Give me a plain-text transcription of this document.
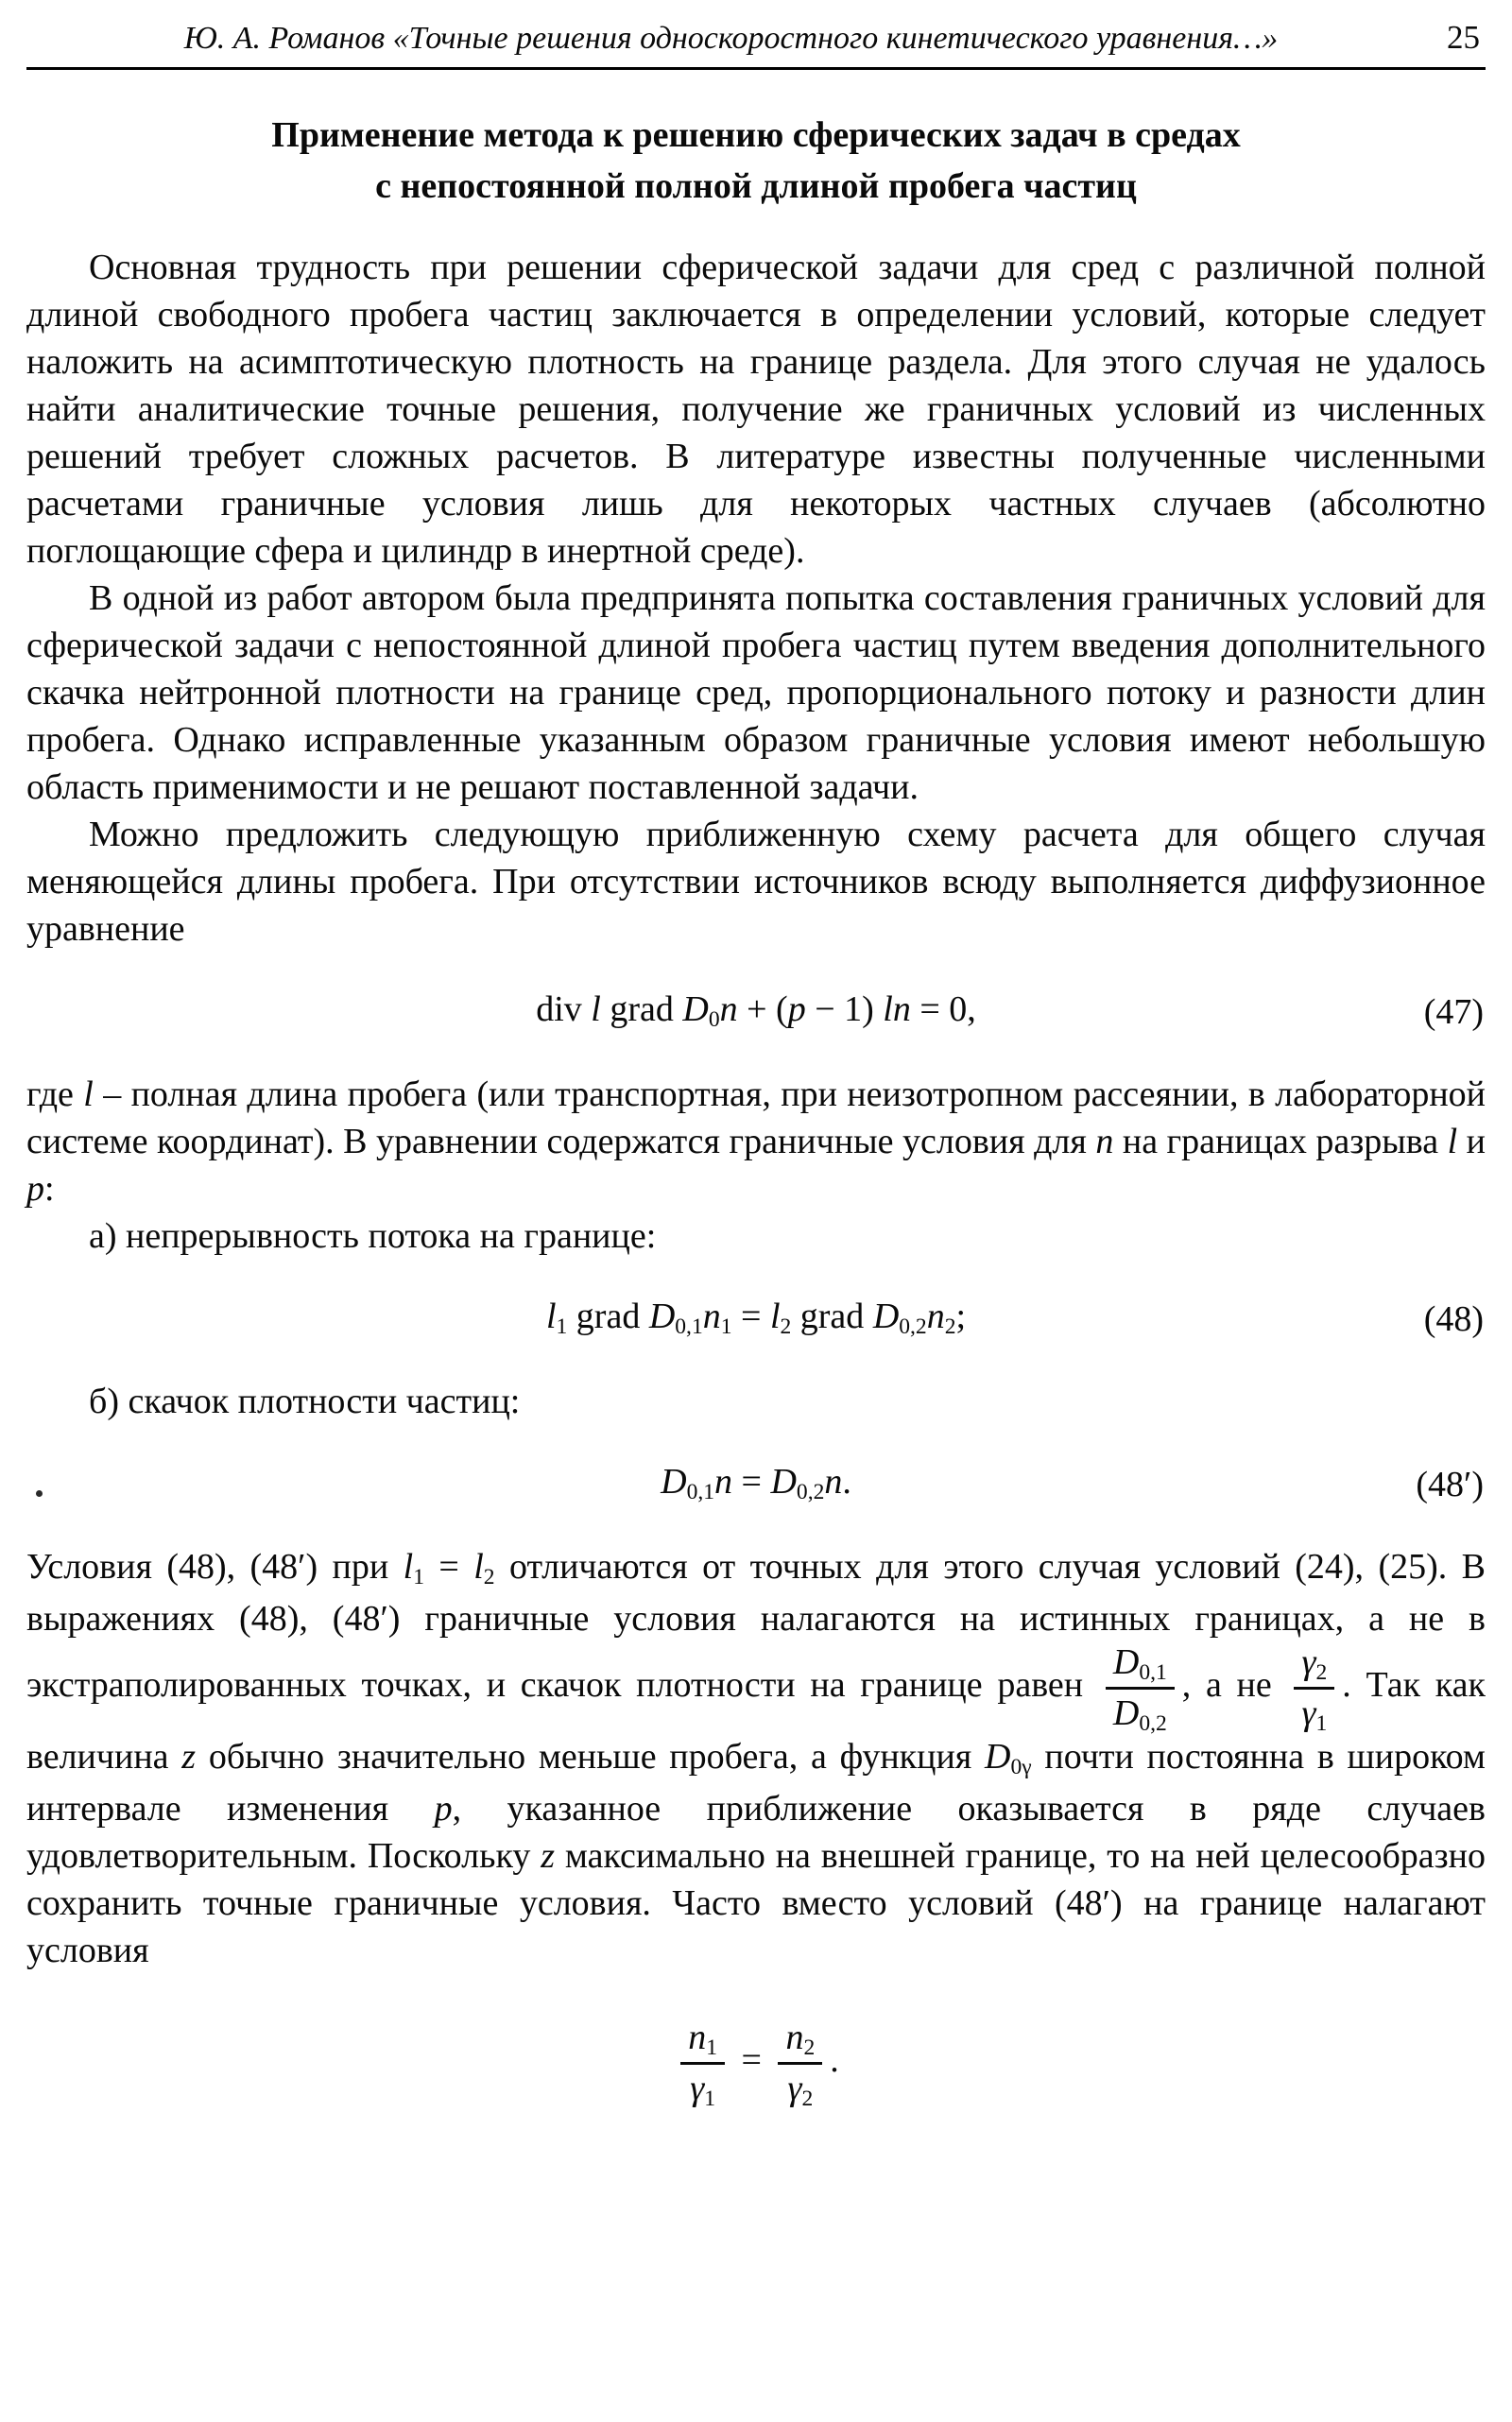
Ю. А. Романов «Точные решения односкоростного кинетического уравнения…»	25
Применение метода к решению сферических задач в средах
с непостоянной полной длиной пробега частиц

Основная трудность при решении сферической задачи для сред с различной полной длиной свободного пробега частиц заключается в определении условий, которые следует наложить на асимптотическую плотность на границе раздела. Для этого случая не удалось найти аналитические точные решения, получение же граничных условий из численных решений требует сложных расчетов. В литературе известны полученные численными расчетами граничные условия лишь для некоторых частных случаев (абсолютно поглощающие сфера и цилиндр в инертной среде).

В одной из работ автором была предпринята попытка составления граничных условий для сферической задачи с непостоянной длиной пробега частиц путем введения дополнительного скачка нейтронной плотности на границе сред, пропорционального потоку и разности длин пробега. Однако исправленные указанным образом граничные условия имеют небольшую область применимости и не решают поставленной задачи.

Можно предложить следующую приближенную схему расчета для общего случая меняющейся длины пробега. При отсутствии источников всюду выполняется диффузионное уравнение

div l grad D0n + (p − 1) ln = 0,	(47)

где l – полная длина пробега (или транспортная, при неизотропном рассеянии, в лабораторной системе координат). В уравнении содержатся граничные условия для n на границах разрыва l и p:

а) непрерывность потока на границе:

l1 grad D0,1n1 = l2 grad D0,2n2;	(48)

б) скачок плотности частиц:

D0,1n = D0,2n.	(48′)

Условия (48), (48′) при l1 = l2 отличаются от точных для этого случая условий (24), (25). В выражениях (48), (48′) граничные условия налагаются на истинных границах, а не в экстраполированных точках, и скачок плотности на границе равен $\frac{D0,1}{D0,2}$ , а не $\frac{\gamma 2}{\gamma 1}$ . Так как величина z обычно значительно меньше пробега, а функция D0γ почти постоянна в широком интервале изменения p, указанное приближение оказывается в ряде случаев удовлетворительным. Поскольку z максимально на внешней границе, то на ней целесообразно сохранить точные граничные условия. Часто вместо условий (48′) на границе налагают условия

$\frac{n1}{\gamma 1} = \frac{n2}{\gamma 2}$ .
